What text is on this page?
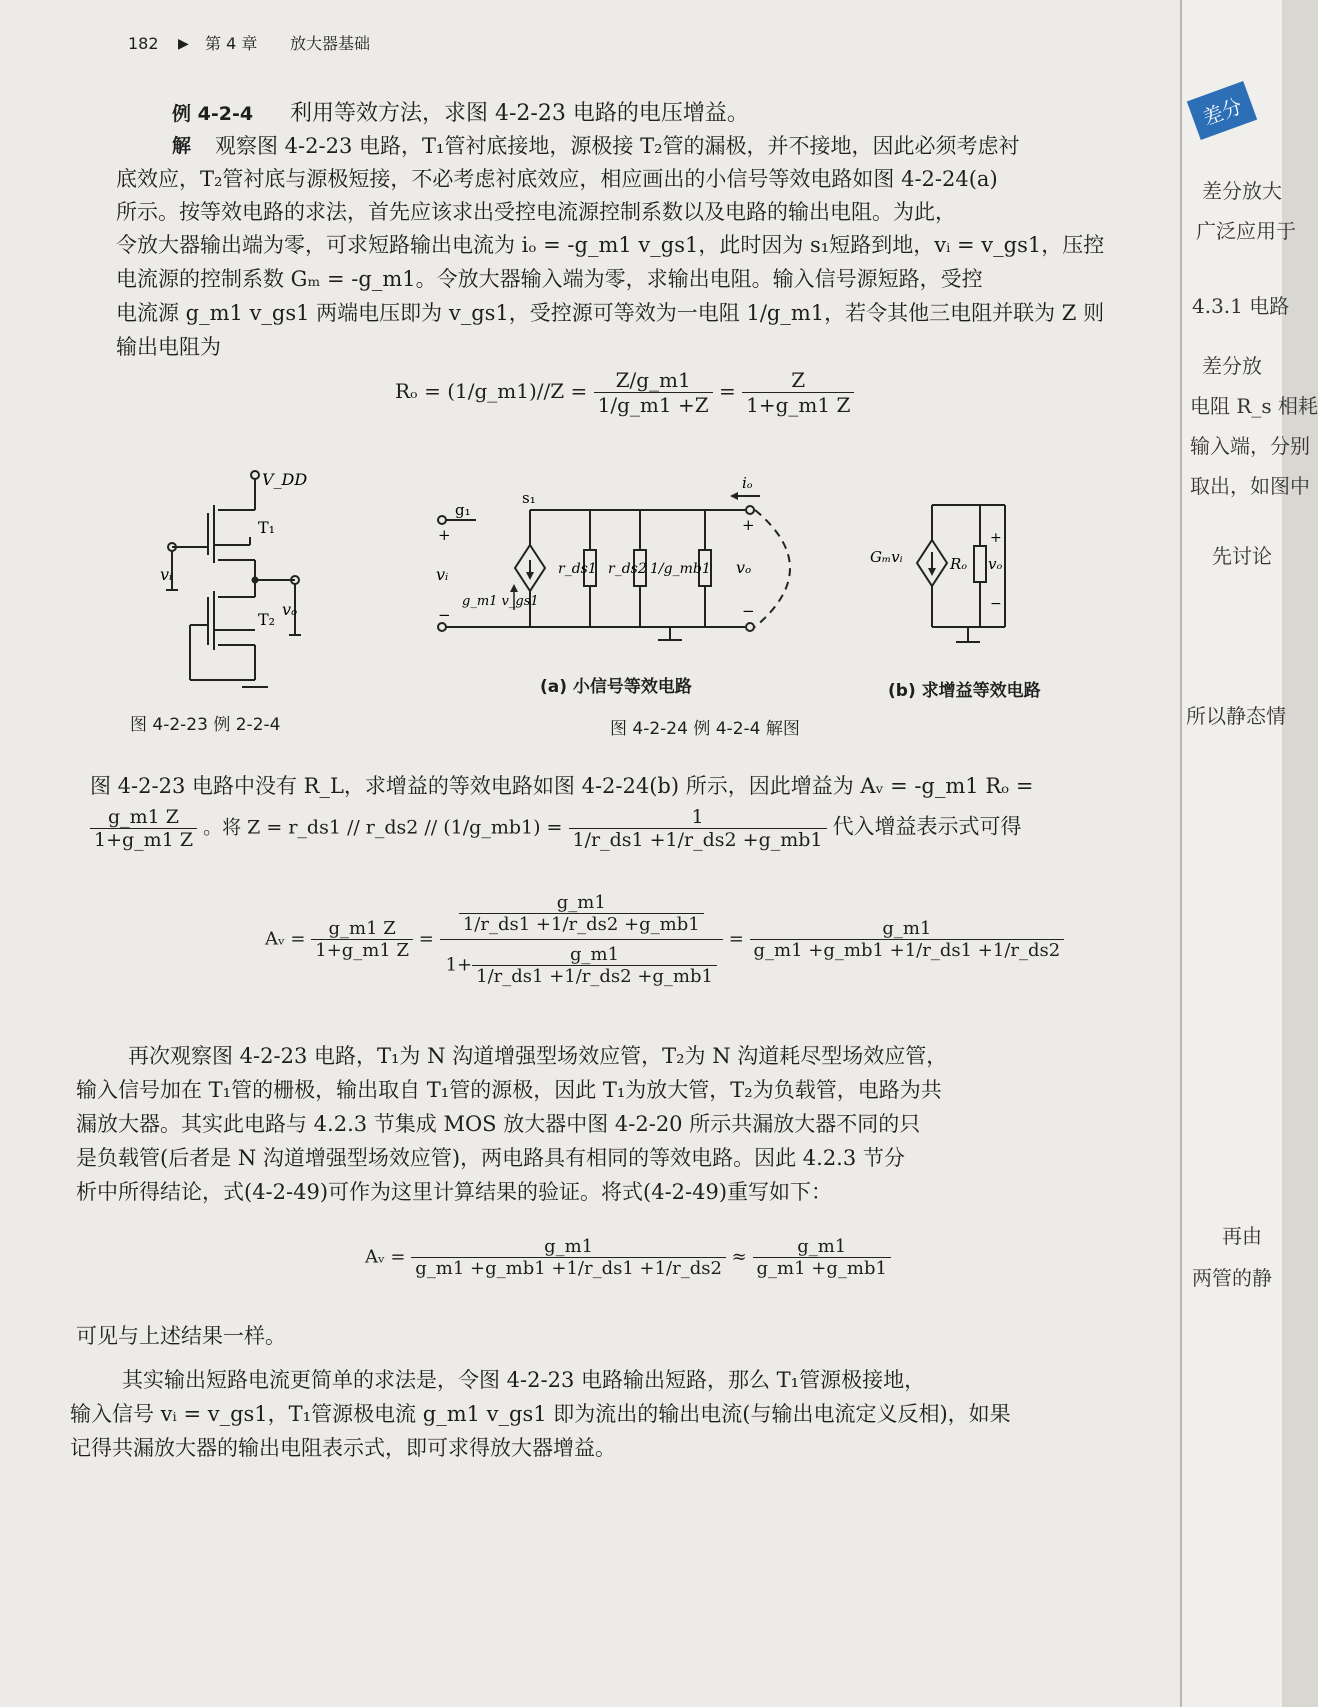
182 ▶ 第 4 章 放大器基础
例 4-2-4 利用等效方法，求图 4-2-23 电路的电压增益。
解 观察图 4-2-23 电路，T₁管衬底接地，源极接 T₂管的漏极，并不接地，因此必须考虑衬
底效应，T₂管衬底与源极短接，不必考虑衬底效应，相应画出的小信号等效电路如图 4-2-24(a)
所示。按等效电路的求法，首先应该求出受控电流源控制系数以及电路的输出电阻。为此，
令放大器输出端为零，可求短路输出电流为 iₒ = -g_m1 v_gs1，此时因为 s₁短路到地，vᵢ = v_gs1，压控
电流源的控制系数 Gₘ = -g_m1。令放大器输入端为零，求输出电阻。输入信号源短路，受控
电流源 g_m1 v_gs1 两端电压即为 v_gs1，受控源可等效为一电阻 1/g_m1，若令其他三电阻并联为 Z 则
输出电阻为
Rₒ = (1/g_m1)//Z = $\frac{Z/g\_m1}{1/g\_m1 +Z} = \frac{Z}{1+g\_m1 Z}$
V_DD
T₁
T₂
vᵢ
vₒ
图 4-2-23 例 2-2-4
g₁
+
vᵢ
−
s₁
r_ds1 r_ds2 1/g_mb1 vₒ
iₒ
+
−
g_m1 v_gs1
(a) 小信号等效电路
Gₘvᵢ	Rₒ vₒ
+
−
(b) 求增益等效电路
图 4-2-24 例 4-2-4 解图
图 4-2-23 电路中没有 R_L，求增益的等效电路如图 4-2-24(b) 所示，因此增益为 Aᵥ = -g_m1 Rₒ =
$\frac{g\_m1 Z}{1+g\_m1 Z}$ 。将 Z = r_ds1 // r_ds2 // (1/g_mb1) = $\frac{1}{1/r\_ds1 +1/r\_ds2 +g\_mb1}$ 代入增益表示式可得
Aᵥ = $\frac{g\_m1 Z}{1+g\_m1 Z} = \frac{\frac{g\_m1}{1/r\_ds1 +1/r\_ds2 +g\_mb1}}{1+ \frac{g\_m1}{1/r\_ds1 +1/r\_ds2 +g\_mb1}} = \frac{g\_m1}{g\_m1 +g\_mb1 +1/r\_ds1 +1/r\_ds2}$
再次观察图 4-2-23 电路，T₁为 N 沟道增强型场效应管，T₂为 N 沟道耗尽型场效应管，
输入信号加在 T₁管的栅极，输出取自 T₁管的源极，因此 T₁为放大管，T₂为负载管，电路为共
漏放大器。其实此电路与 4.2.3 节集成 MOS 放大器中图 4-2-20 所示共漏放大器不同的只
是负载管(后者是 N 沟道增强型场效应管)，两电路具有相同的等效电路。因此 4.2.3 节分
析中所得结论，式(4-2-49)可作为这里计算结果的验证。将式(4-2-49)重写如下：
Aᵥ = $\frac{g\_m1}{g\_m1 +g\_mb1 +1/r\_ds1 +1/r\_ds2} \approx \frac{g\_m1}{g\_m1 +g\_mb1}$
可见与上述结果一样。
其实输出短路电流更简单的求法是，令图 4-2-23 电路输出短路，那么 T₁管源极接地，
输入信号 vᵢ = v_gs1，T₁管源极电流 g_m1 v_gs1 即为流出的输出电流(与输出电流定义反相)，如果
记得共漏放大器的输出电阻表示式，即可求得放大器增益。
差分
差分放大
广泛应用于
4.3.1 电路
差分放
电阻 R_s 相耗
输入端，分别
取出，如图中
先讨论
所以静态情
再由
两管的静
